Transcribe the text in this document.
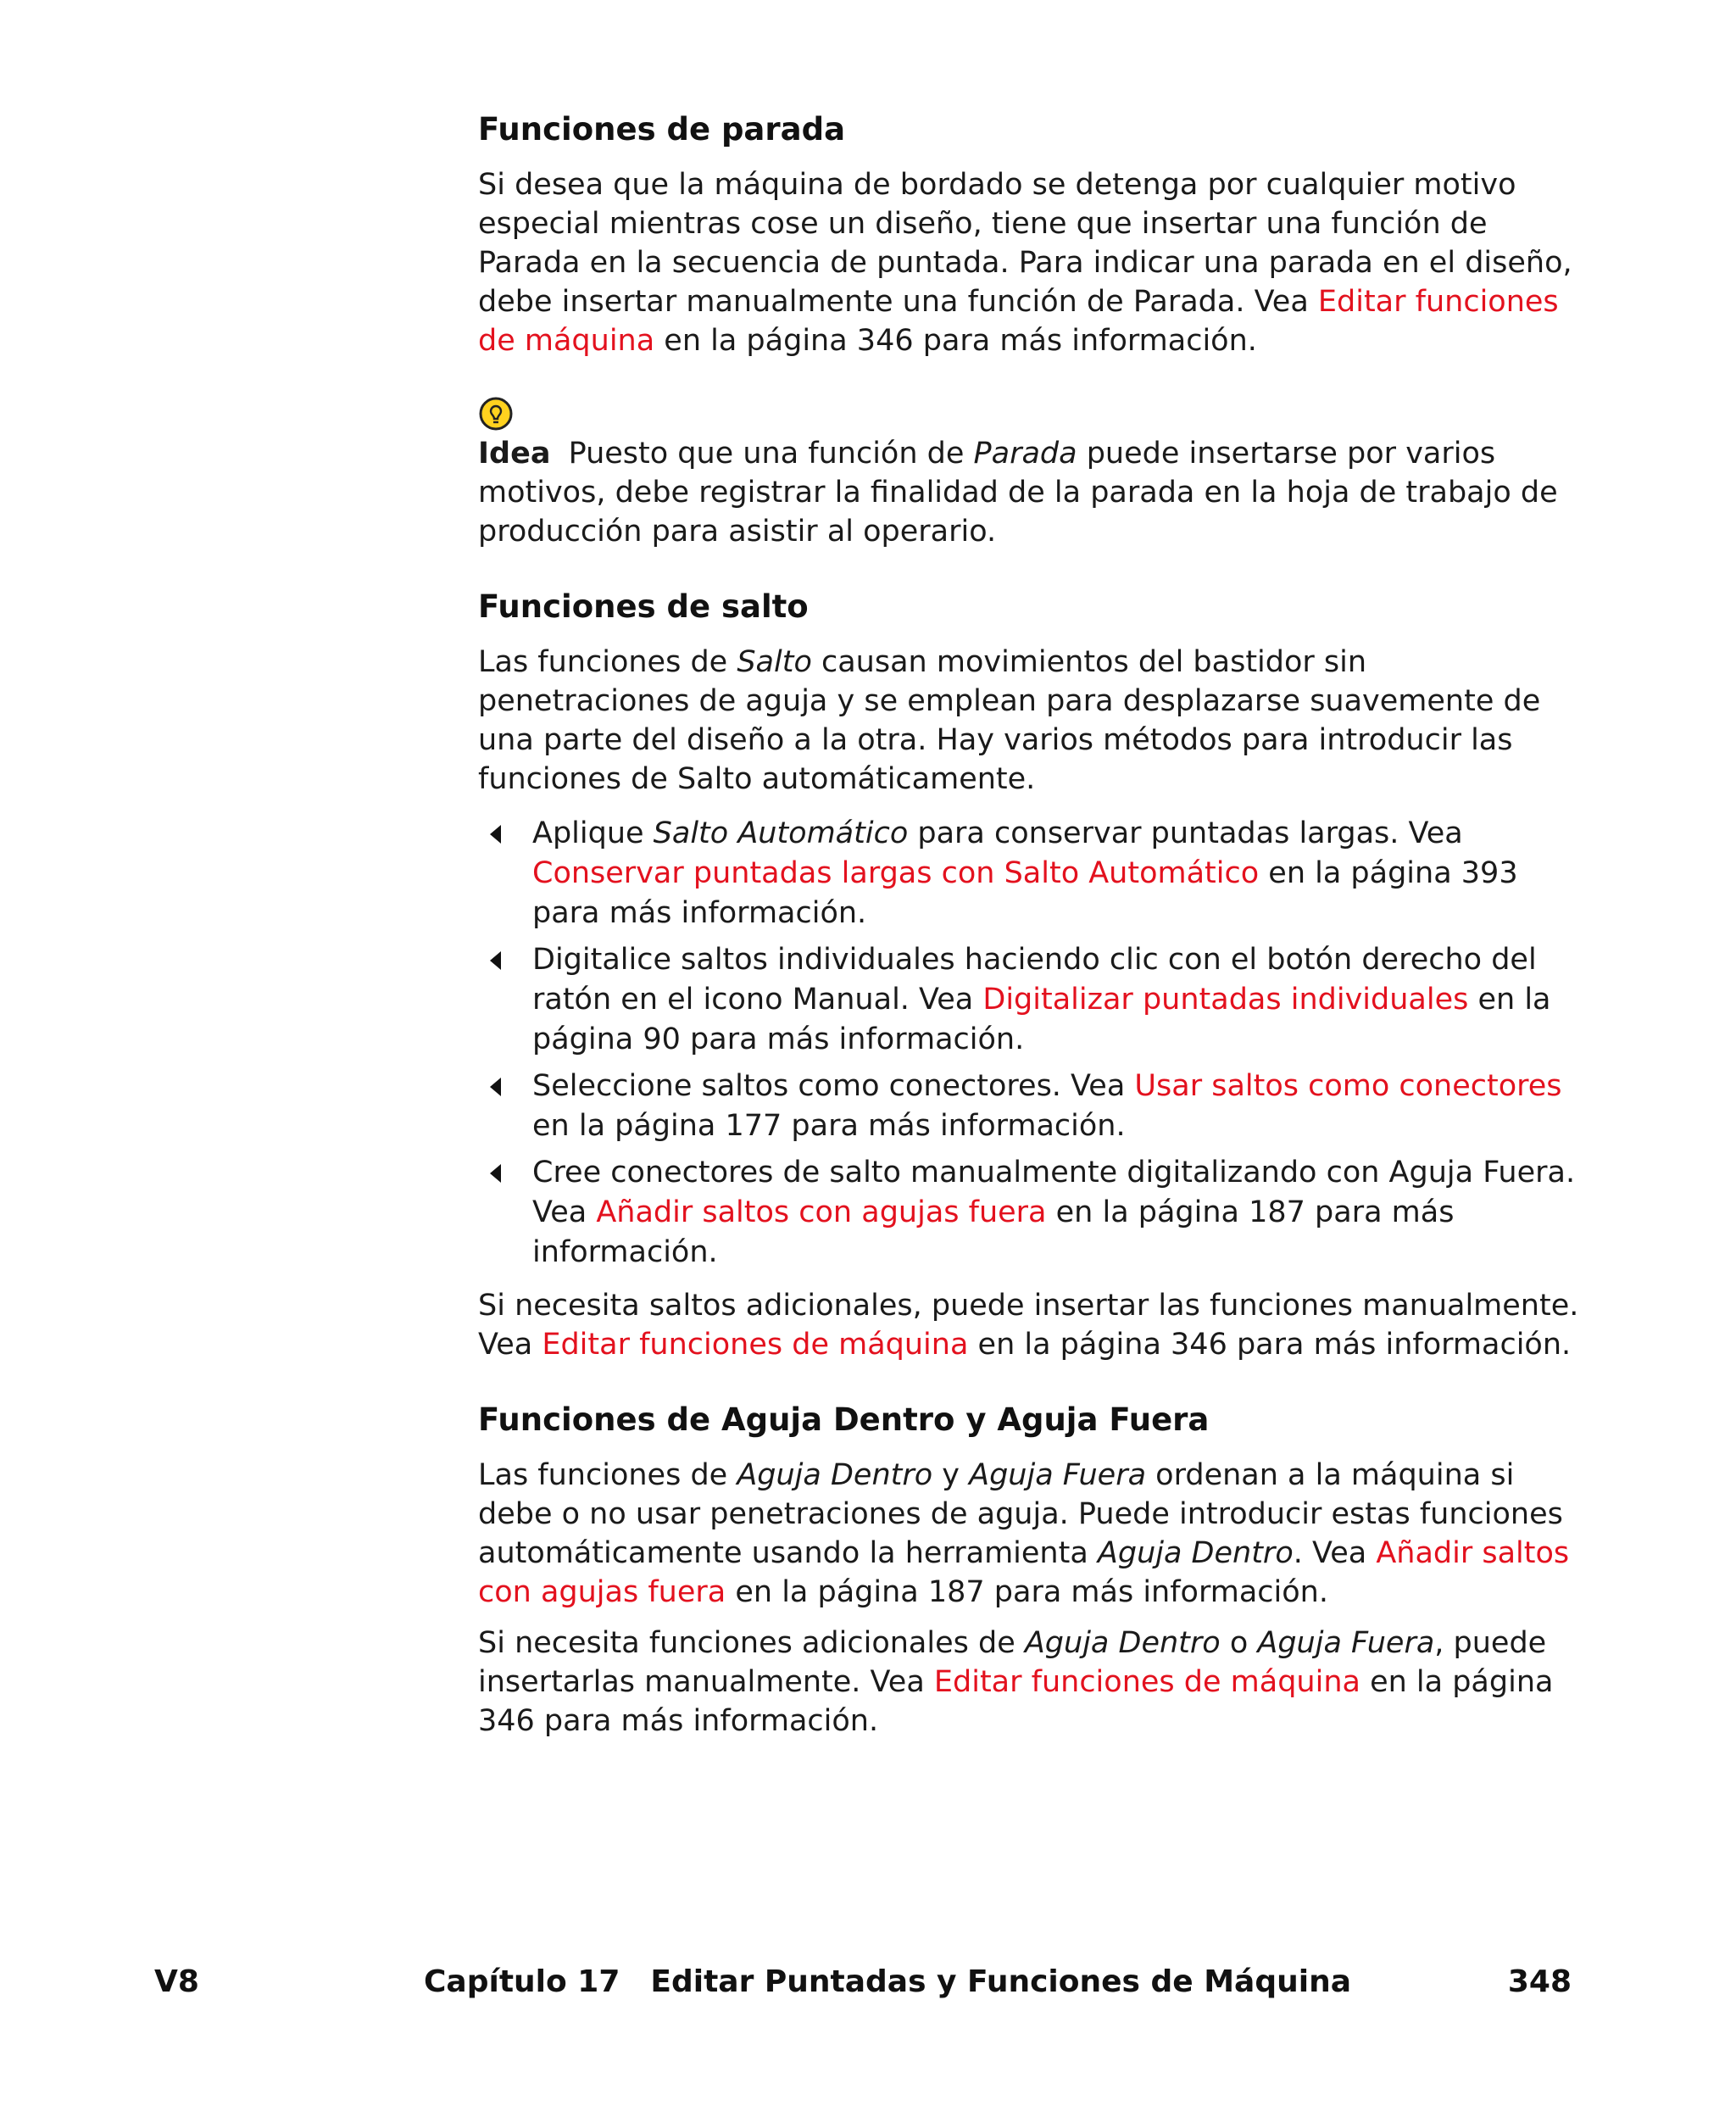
Funciones de parada

Si desea que la máquina de bordado se detenga por cualquier motivo especial mientras cose un diseño, tiene que insertar una función de Parada en la secuencia de puntada. Para indicar una parada en el diseño, debe insertar manualmente una función de Parada. Vea Editar funciones de máquina en la página 346 para más información.

Idea Puesto que una función de Parada puede insertarse por varios motivos, debe registrar la finalidad de la parada en la hoja de trabajo de producción para asistir al operario.

Funciones de salto

Las funciones de Salto causan movimientos del bastidor sin penetraciones de aguja y se emplean para desplazarse suavemente de una parte del diseño a la otra. Hay varios métodos para introducir las funciones de Salto automáticamente.

Aplique Salto Automático para conservar puntadas largas. Vea Conservar puntadas largas con Salto Automático en la página 393 para más información.
Digitalice saltos individuales haciendo clic con el botón derecho del ratón en el icono Manual. Vea Digitalizar puntadas individuales en la página 90 para más información.
Seleccione saltos como conectores. Vea Usar saltos como conectores en la página 177 para más información.
Cree conectores de salto manualmente digitalizando con Aguja Fuera. Vea Añadir saltos con agujas fuera en la página 187 para más información.

Si necesita saltos adicionales, puede insertar las funciones manualmente. Vea Editar funciones de máquina en la página 346 para más información.

Funciones de Aguja Dentro y Aguja Fuera

Las funciones de Aguja Dentro y Aguja Fuera ordenan a la máquina si debe o no usar penetraciones de aguja. Puede introducir estas funciones automáticamente usando la herramienta Aguja Dentro. Vea Añadir saltos con agujas fuera en la página 187 para más información.

Si necesita funciones adicionales de Aguja Dentro o Aguja Fuera, puede insertarlas manualmente. Vea Editar funciones de máquina en la página 346 para más información.

V8	Capítulo 17 Editar Puntadas y Funciones de Máquina	348
